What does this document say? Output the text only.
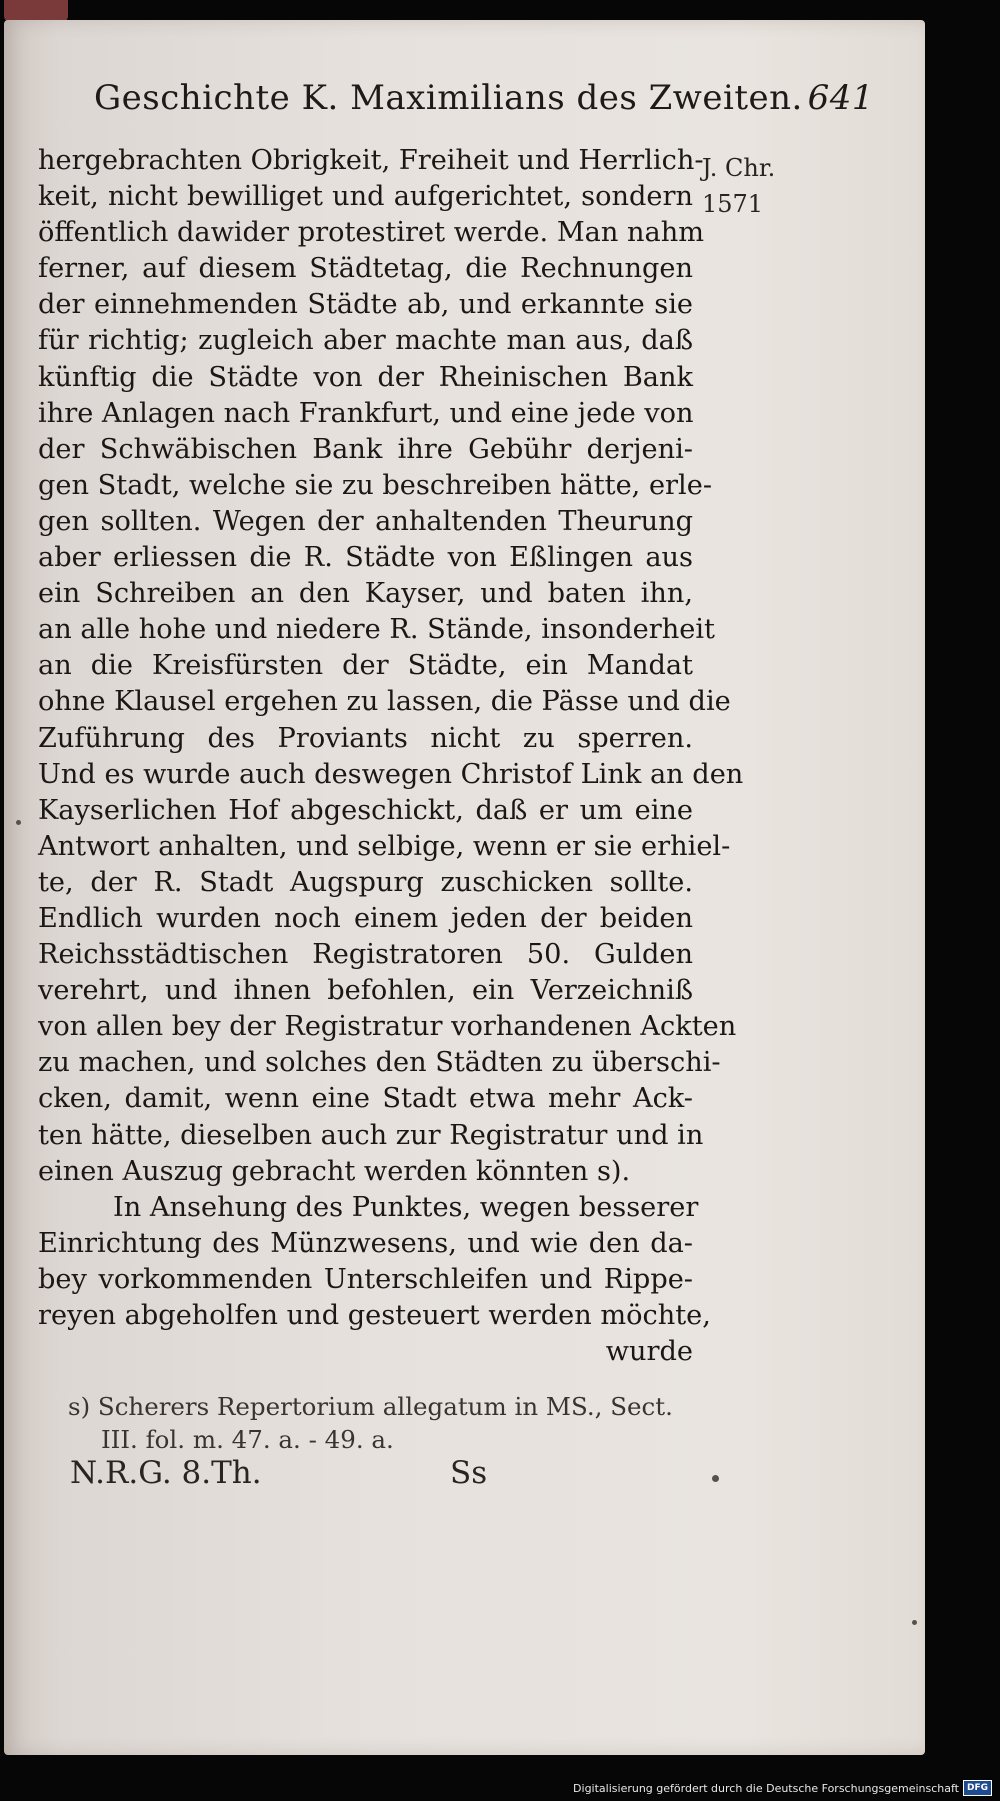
Geschichte K. Maximilians des Zweiten. 641
J. Chr.
1571
hergebrachten Obrigkeit, Freiheit und Herrlich-
keit, nicht bewilliget und aufgerichtet, sondern
öffentlich dawider protestiret werde. Man nahm
ferner, auf diesem Städtetag, die Rechnungen
der einnehmenden Städte ab, und erkannte sie
für richtig; zugleich aber machte man aus, daß
künftig die Städte von der Rheinischen Bank
ihre Anlagen nach Frankfurt, und eine jede von
der Schwäbischen Bank ihre Gebühr derjeni-
gen Stadt, welche sie zu beschreiben hätte, erle-
gen sollten. Wegen der anhaltenden Theurung
aber erliessen die R. Städte von Eßlingen aus
ein Schreiben an den Kayser, und baten ihn,
an alle hohe und niedere R. Stände, insonderheit
an die Kreisfürsten der Städte, ein Mandat
ohne Klausel ergehen zu lassen, die Pässe und die
Zuführung des Proviants nicht zu sperren.
Und es wurde auch deswegen Christof Link an den
Kayserlichen Hof abgeschickt, daß er um eine
Antwort anhalten, und selbige, wenn er sie erhiel-
te, der R. Stadt Augspurg zuschicken sollte.
Endlich wurden noch einem jeden der beiden
Reichsstädtischen Registratoren 50. Gulden
verehrt, und ihnen befohlen, ein Verzeichniß
von allen bey der Registratur vorhandenen Ackten
zu machen, und solches den Städten zu überschi-
cken, damit, wenn eine Stadt etwa mehr Ack-
ten hätte, dieselben auch zur Registratur und in
einen Auszug gebracht werden könnten s).
In Ansehung des Punktes, wegen besserer
Einrichtung des Münzwesens, und wie den da-
bey vorkommenden Unterschleifen und Rippe-
reyen abgeholfen und gesteuert werden möchte,
wurde
s) Scherers Repertorium allegatum in MS., Sect.
III. fol. m. 47. a. - 49. a.
N.R.G. 8.Th.	Ss
Digitalisierung gefördert durch die Deutsche Forschungsgemeinschaft DFG
